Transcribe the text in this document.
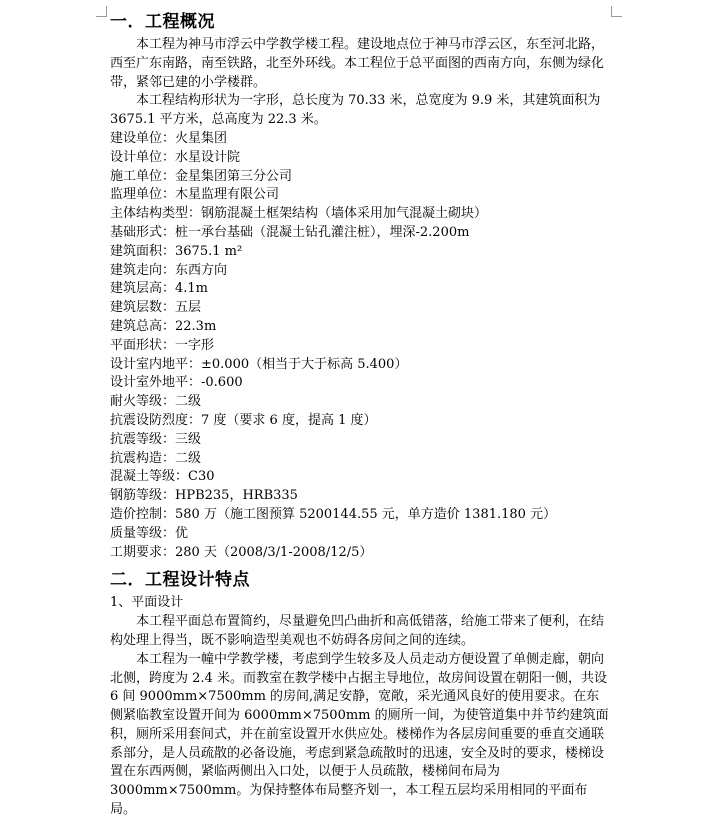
一．工程概况

本工程为神马市浮云中学教学楼工程。建设地点位于神马市浮云区，东至河北路，西至广东南路，南至铁路，北至外环线。本工程位于总平面图的西南方向，东侧为绿化带，紧邻已建的小学楼群。

本工程结构形状为一字形，总长度为 70.33 米，总宽度为 9.9 米，其建筑面积为 3675.1 平方米，总高度为 22.3 米。

建设单位：火星集团
设计单位：水星设计院
施工单位：金星集团第三分公司
监理单位：木星监理有限公司
主体结构类型：钢筋混凝土框架结构（墙体采用加气混凝土砌块）
基础形式：桩一承台基础（混凝土钻孔灌注桩），埋深-2.200m
建筑面积：3675.1 m²
建筑走向：东西方向
建筑层高：4.1m
建筑层数：五层
建筑总高：22.3m
平面形状：一字形
设计室内地平：±0.000（相当于大于标高 5.400）
设计室外地平：-0.600
耐火等级：二级
抗震设防烈度：7 度（要求 6 度，提高 1 度）
抗震等级：三级
抗震构造：二级
混凝土等级：C30
钢筋等级：HPB235，HRB335
造价控制：580 万（施工图预算 5200144.55 元，单方造价 1381.180 元）
质量等级：优
工期要求：280 天（2008/3/1-2008/12/5）
二．工程设计特点
1、平面设计

本工程平面总布置简约，尽量避免凹凸曲折和高低错落，给施工带来了便利，在结构处理上得当，既不影响造型美观也不妨碍各房间之间的连续。

本工程为一幢中学教学楼，考虑到学生较多及人员走动方便设置了单侧走廊，朝向北侧，跨度为 2.4 米。而教室在教学楼中占据主导地位，故房间设置在朝阳一侧，共设 6 间 9000mm×7500mm 的房间,满足安静，宽敞，采光通风良好的使用要求。在东侧紧临教室设置开间为 6000mm×7500mm 的厕所一间，为使管道集中并节约建筑面积，厕所采用套间式，并在前室设置开水供应处。楼梯作为各层房间重要的垂直交通联系部分，是人员疏散的必备设施，考虑到紧急疏散时的迅速，安全及时的要求，楼梯设置在东西两侧，紧临两侧出入口处，以便于人员疏散，楼梯间布局为 3000mm×7500mm。为保持整体布局整齐划一，本工程五层均采用相同的平面布局。
